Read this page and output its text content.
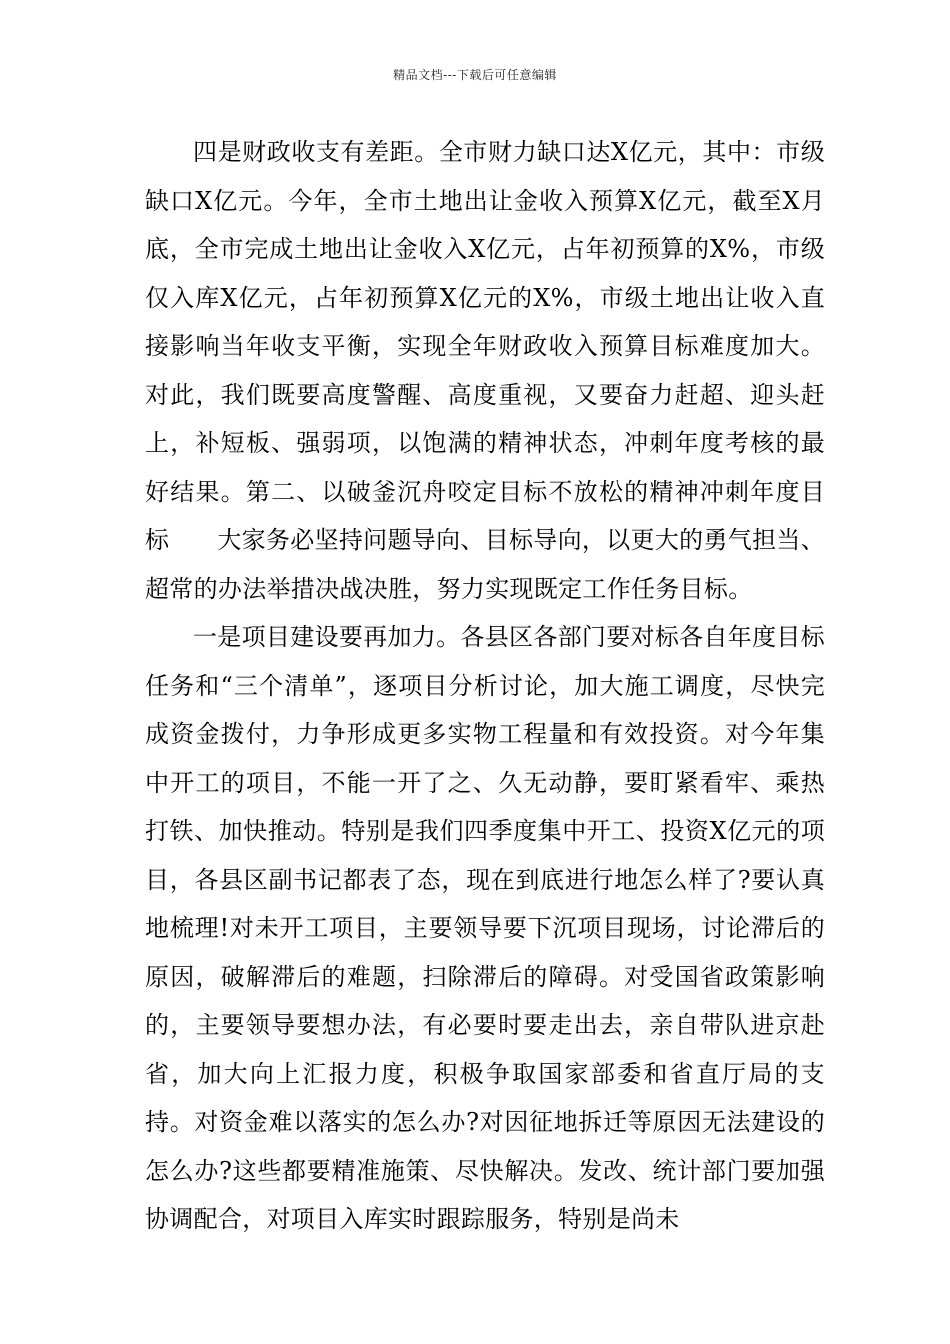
精品文档---下载后可任意编辑

四是财政收支有差距。全市财力缺口达X亿元，其中：市级缺口X亿元。今年，全市土地出让金收入预算X亿元，截至X月底，全市完成土地出让金收入X亿元，占年初预算的X%，市级仅入库X亿元，占年初预算X亿元的X%，市级土地出让收入直接影响当年收支平衡，实现全年财政收入预算目标难度加大。对此，我们既要高度警醒、高度重视，又要奋力赶超、迎头赶上，补短板、强弱项，以饱满的精神状态，冲刺年度考核的最好结果。第二、以破釜沉舟咬定目标不放松的精神冲刺年度目标 大家务必坚持问题导向、目标导向，以更大的勇气担当、超常的办法举措决战决胜，努力实现既定工作任务目标。

一是项目建设要再加力。各县区各部门要对标各自年度目标任务和“三个清单”，逐项目分析讨论，加大施工调度，尽快完成资金拨付，力争形成更多实物工程量和有效投资。对今年集中开工的项目，不能一开了之、久无动静，要盯紧看牢、乘热打铁、加快推动。特别是我们四季度集中开工、投资X亿元的项目，各县区副书记都表了态，现在到底进行地怎么样了?要认真地梳理!对未开工项目，主要领导要下沉项目现场，讨论滞后的原因，破解滞后的难题，扫除滞后的障碍。对受国省政策影响的，主要领导要想办法，有必要时要走出去，亲自带队进京赴省，加大向上汇报力度，积极争取国家部委和省直厅局的支持。对资金难以落实的怎么办?对因征地拆迁等原因无法建设的怎么办?这些都要精准施策、尽快解决。发改、统计部门要加强协调配合，对项目入库实时跟踪服务，特别是尚未
